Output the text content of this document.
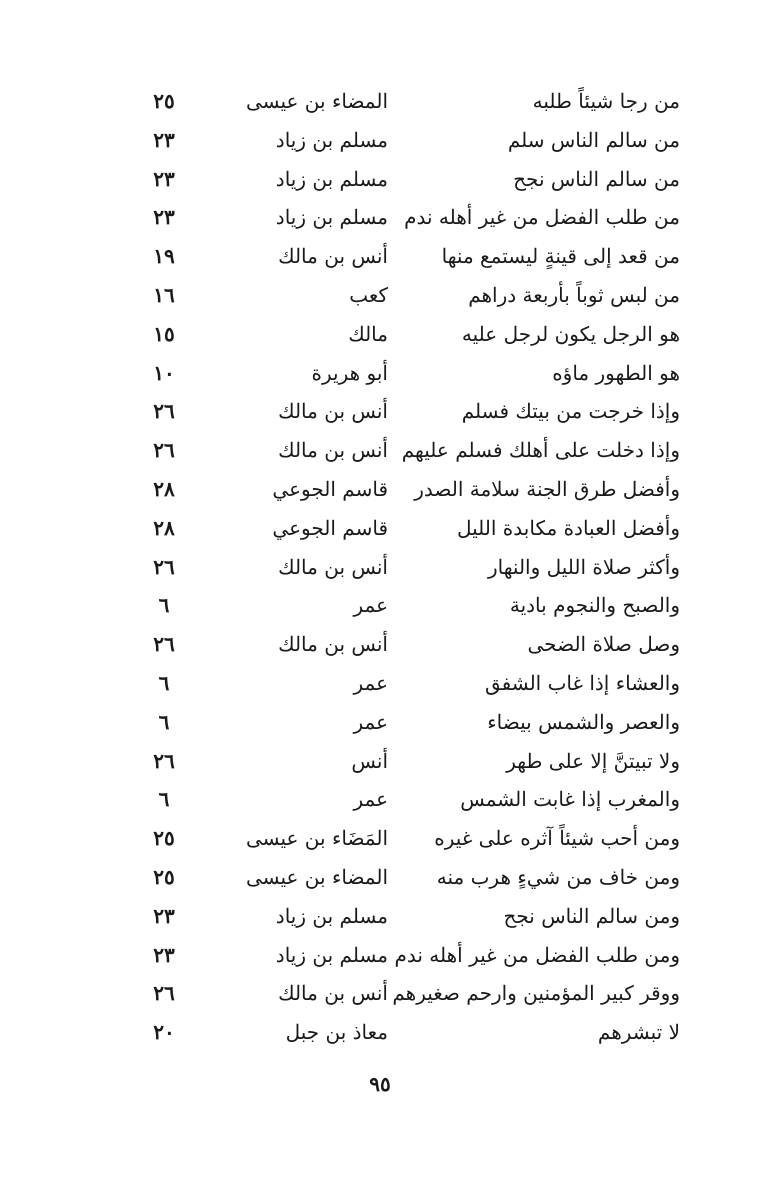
من رجا شيئاً طلبه
المضاء بن عيسى
٢٥
من سالم الناس سلم
مسلم بن زياد
٢٣
من سالم الناس نجح
مسلم بن زياد
٢٣
من طلب الفضل من غير أهله ندم
مسلم بن زياد
٢٣
من قعد إلى قينةٍ ليستمع منها
أنس بن مالك
١٩
من لبس ثوباً بأربعة دراهم
كعب
١٦
هو الرجل يكون لرجل عليه
مالك
١٥
هو الطهور ماؤه
أبو هريرة
١٠
وإذا خرجت من بيتك فسلم
أنس بن مالك
٢٦
وإذا دخلت على أهلك فسلم عليهم
أنس بن مالك
٢٦
وأفضل طرق الجنة سلامة الصدر
قاسم الجوعي
٢٨
وأفضل العبادة مكابدة الليل
قاسم الجوعي
٢٨
وأكثر صلاة الليل والنهار
أنس بن مالك
٢٦
والصبح والنجوم بادية
عمر
٦
وصل صلاة الضحى
أنس بن مالك
٢٦
والعشاء إذا غاب الشفق
عمر
٦
والعصر والشمس بيضاء
عمر
٦
ولا تبيتنَّ إلا على طهر
أنس
٢٦
والمغرب إذا غابت الشمس
عمر
٦
ومن أحب شيئاً آثره على غيره
المَضَاء بن عيسى
٢٥
ومن خاف من شيءٍ هرب منه
المضاء بن عيسى
٢٥
ومن سالم الناس نجح
مسلم بن زياد
٢٣
ومن طلب الفضل من غير أهله ندم
مسلم بن زياد
٢٣
ووقر كبير المؤمنين وارحم صغيرهم
أنس بن مالك
٢٦
لا تبشرهم
معاذ بن جبل
٢٠
٩٥
